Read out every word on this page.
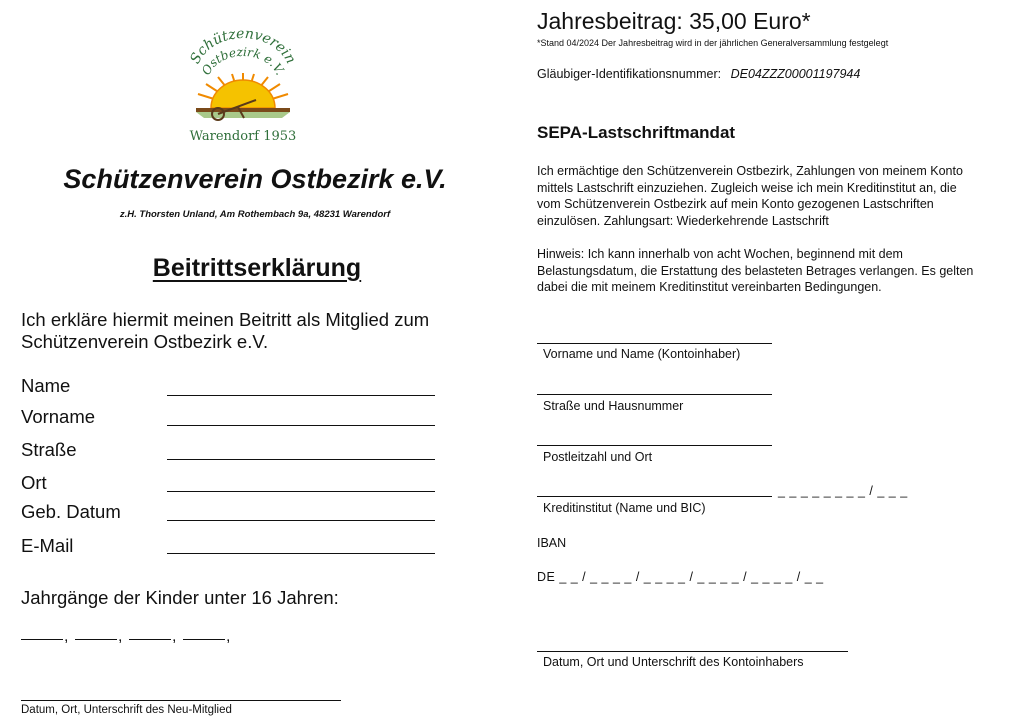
Schützenverein
Ostbezirk e.V.
Warendorf 1953
Schützenverein Ostbezirk e.V.
z.H. Thorsten Unland, Am Rothembach 9a, 48231 Warendorf
Beitrittserklärung
Ich erkläre hiermit meinen Beitritt als Mitglied zum
Schützenverein Ostbezirk e.V.
Name
Vorname
Straße
Ort
Geb. Datum
E-Mail
Jahrgänge der Kinder unter 16 Jahren:
,	,	,	,
Datum, Ort, Unterschrift des Neu-Mitglied
Jahresbeitrag: 35,00 Euro*
*Stand 04/2024 Der Jahresbeitrag wird in der jährlichen Generalversammlung festgelegt
Gläubiger-Identifikationsnummer: DE04ZZZ00001197944
SEPA-Lastschriftmandat
Ich ermächtige den Schützenverein Ostbezirk, Zahlungen von meinem Konto mittels Lastschrift einzuziehen. Zugleich weise ich mein Kreditinstitut an, die vom Schützenverein Ostbezirk auf mein Konto gezogenen Lastschriften einzulösen. Zahlungsart: Wiederkehrende Lastschrift
Hinweis: Ich kann innerhalb von acht Wochen, beginnend mit dem Belastungsdatum, die Erstattung des belasteten Betrages verlangen. Es gelten dabei die mit meinem Kreditinstitut vereinbarten Bedingungen.
Vorname und Name (Kontoinhaber)
Straße und Hausnummer
Postleitzahl und Ort
_ _ _ _ _ _ _ _ / _ _ _
Kreditinstitut (Name und BIC)
IBAN
DE _ _ / _ _ _ _ / _ _ _ _ / _ _ _ _ / _ _ _ _ / _ _
Datum, Ort und Unterschrift des Kontoinhabers
